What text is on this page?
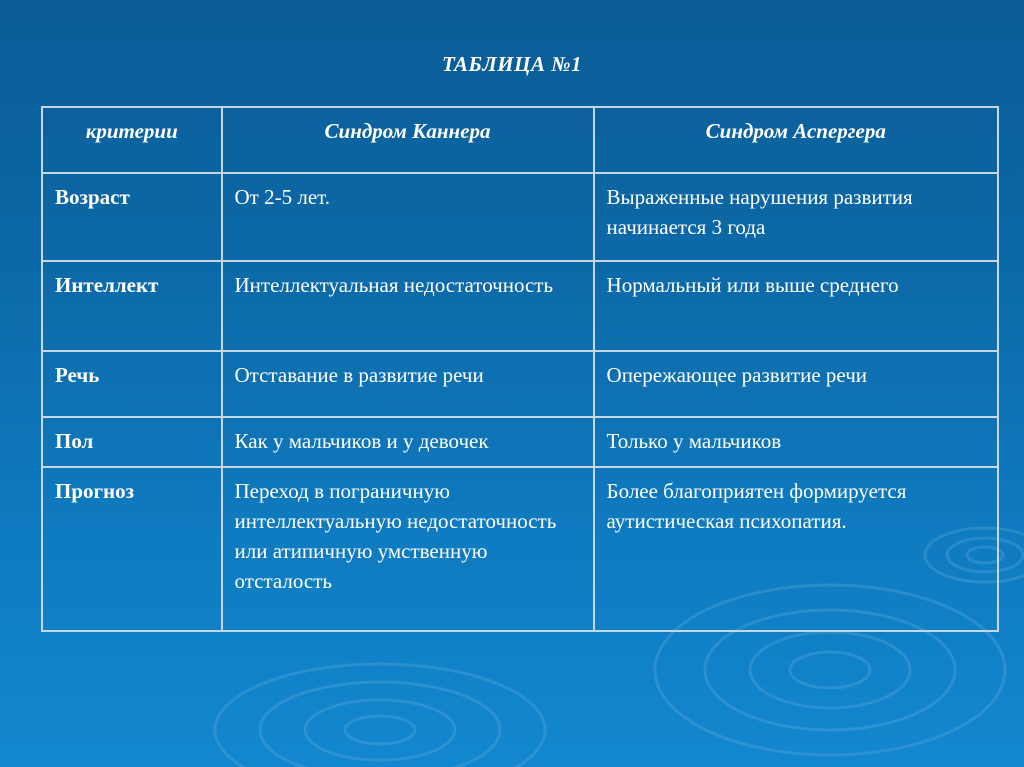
ТАБЛИЦА №1
критерии	Синдром Каннера	Синдром Аспергера
Возраст	От 2-5 лет.	Выраженные нарушения развития начинается 3 года
Интеллект	Интеллектуальная недостаточность	Нормальный или выше среднего
Речь	Отставание в развитие речи	Опережающее развитие речи
Пол	Как у мальчиков и у девочек	Только у мальчиков
Прогноз	Переход в пограничную интеллектуальную недостаточность или атипичную умственную отсталость	Более благоприятен формируется аутистическая психопатия.
